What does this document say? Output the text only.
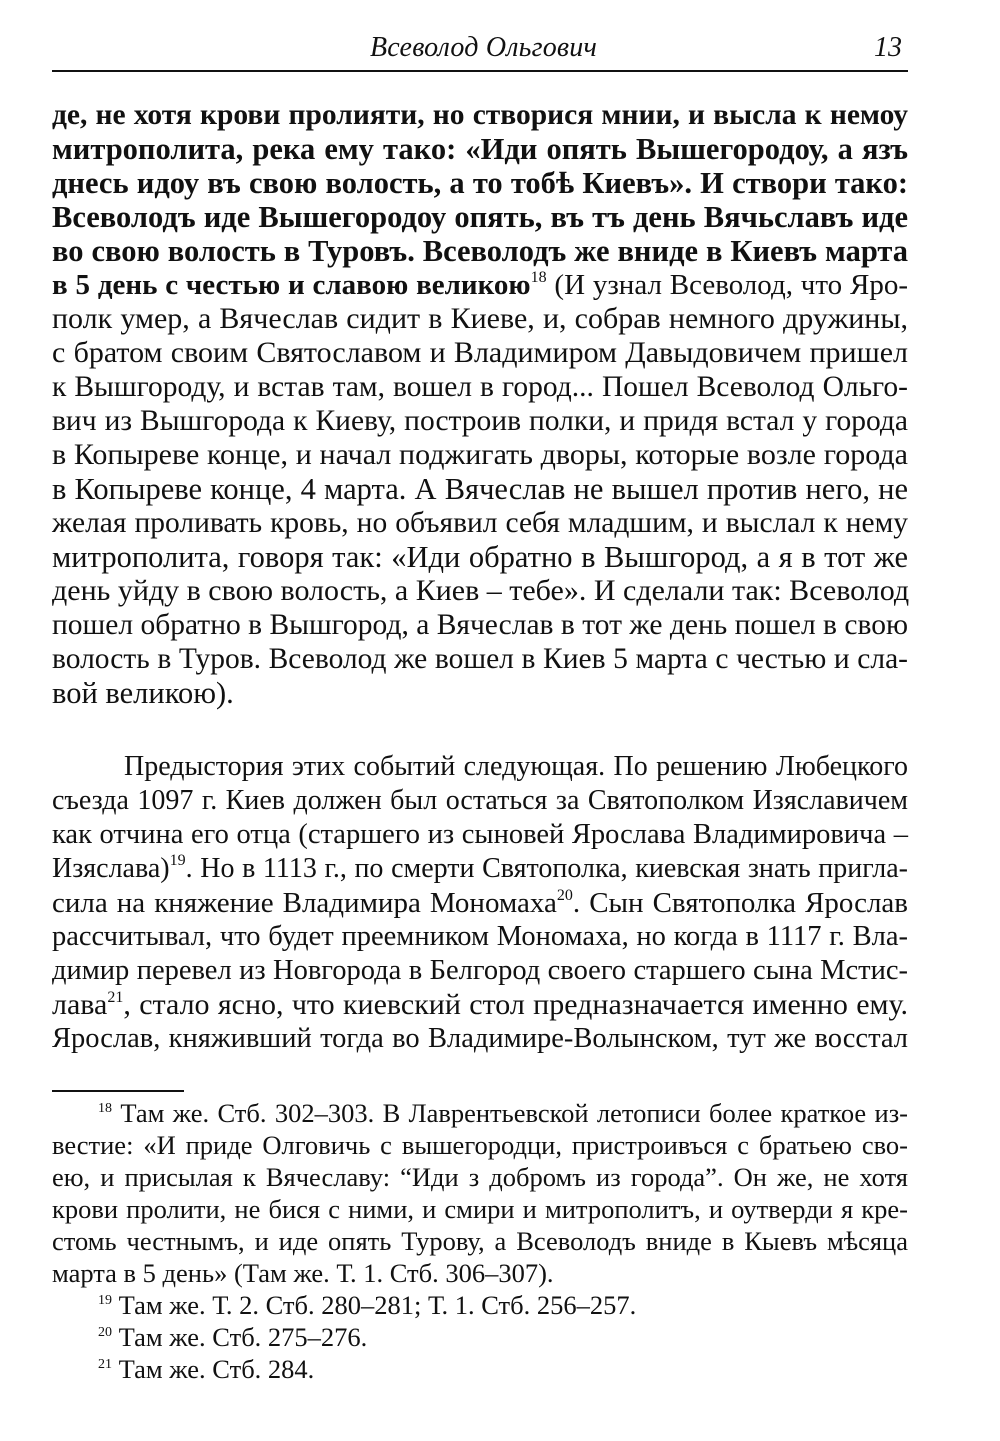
Всеволод Ольгович	13
де, не хотя крови пролияти, но створися мнии, и высла к немоу
митрополита, река ему тако: «Иди опять Вышегородоу, а язъ
днесь идоу въ свою волость, а то тобѣ Киевъ». И створи тако:
Всеволодъ иде Вышегородоу опять, въ тъ день Вячьславъ иде
во свою волость в Туровъ. Всеволодъ же вниде в Киевъ марта
в 5 день с честью и славою великою$^{18}$ (И узнал Всеволод, что Яро-
полк умер, а Вячеслав сидит в Киеве, и, собрав немного дружины,
с братом своим Святославом и Владимиром Давыдовичем пришел
к Вышгороду, и встав там, вошел в город... Пошел Всеволод Ольго-
вич из Вышгорода к Киеву, построив полки, и придя встал у города
в Копыреве конце, и начал поджигать дворы, которые возле города
в Копыреве конце, 4 марта. А Вячеслав не вышел против него, не
желая проливать кровь, но объявил себя младшим, и выслал к нему
митрополита, говоря так: «Иди обратно в Вышгород, а я в тот же
день уйду в свою волость, а Киев – тебе». И сделали так: Всеволод
пошел обратно в Вышгород, а Вячеслав в тот же день пошел в свою
волость в Туров. Всеволод же вошел в Киев 5 марта с честью и сла-
вой великою).
Предыстория этих событий следующая. По решению Любецкого
съезда 1097 г. Киев должен был остаться за Святополком Изяславичем
как отчина его отца (старшего из сыновей Ярослава Владимировича –
Изяслава)$^{19}$. Но в 1113 г., по смерти Святополка, киевская знать пригла-
сила на княжение Владимира Мономаха$^{20}$. Сын Святополка Ярослав
рассчитывал, что будет преемником Мономаха, но когда в 1117 г. Вла-
димир перевел из Новгорода в Белгород своего старшего сына Мстис-
лава$^{21}$, стало ясно, что киевский стол предназначается именно ему.
Ярослав, княживший тогда во Владимире-Волынском, тут же восстал
$^{18}$ Там же. Стб. 302–303. В Лаврентьевской летописи более краткое из-
вестие: «И приде Олговичь с вышегородци, пристроивъся с братьею сво-
ею, и присылая к Вячеславу: “Иди з добромъ из города”. Он же, не хотя
крови пролити, не бися с ними, и смири и митрополитъ, и оутверди я кре-
стомь честнымъ, и иде опять Турову, а Всеволодъ вниде в Кыевъ мѣсяца
марта в 5 день» (Там же. Т. 1. Стб. 306–307).
$^{19}$ Там же. Т. 2. Стб. 280–281; Т. 1. Стб. 256–257.
$^{20}$ Там же. Стб. 275–276.
$^{21}$ Там же. Стб. 284.
